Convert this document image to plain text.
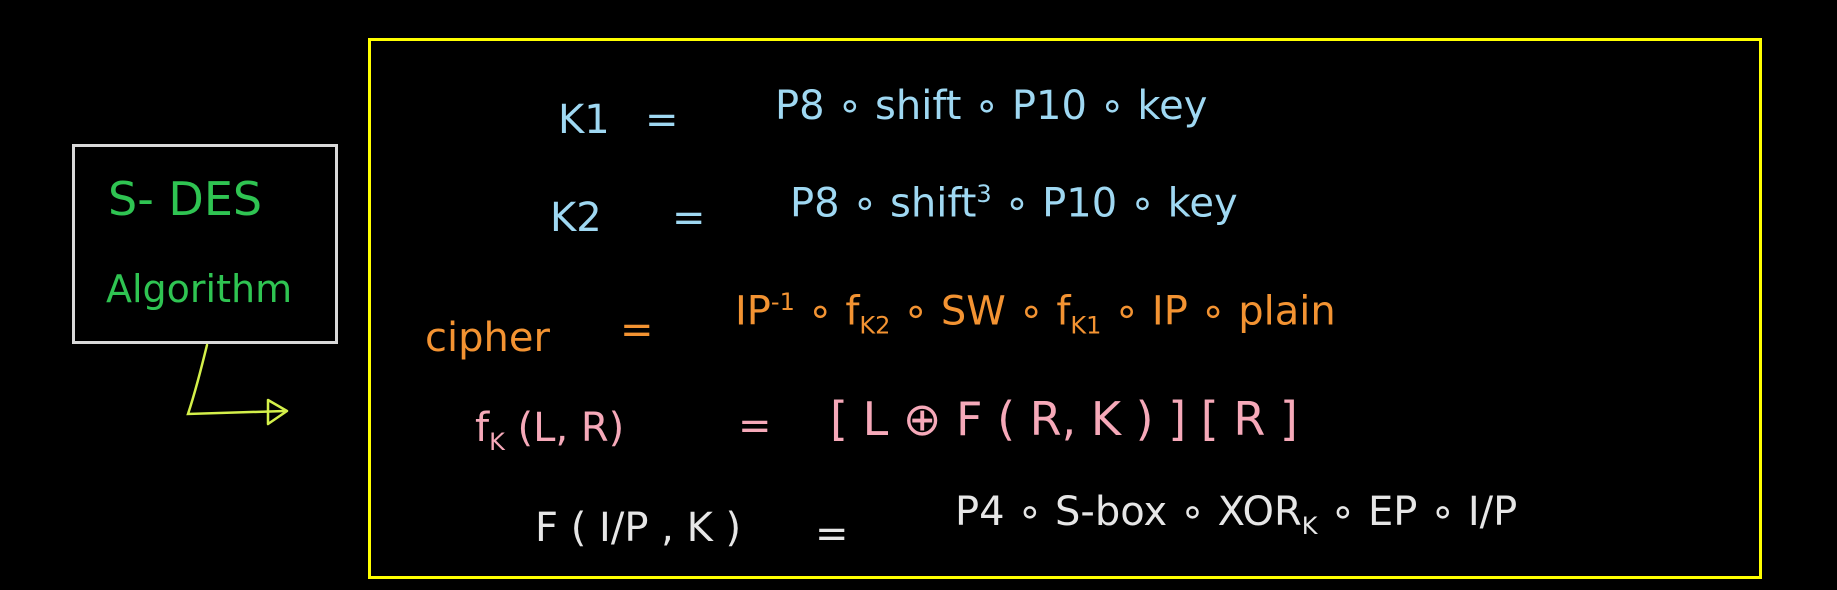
S- DES
Algorithm
K1 = P8 ∘ shift ∘ P10 ∘ key
K2 = P8 ∘ shift$^3$ ∘ P10 ∘ key
cipher = $IP^{-1}$ ∘ $f_{K2}$ ∘ SW ∘ $f_{K1}$ ∘ IP ∘ plain
$f_K$ (L, R)	= [ L ⊕ F ( R, K ) ] [ R ]
F ( I/P , K ) =	P4 ∘ S-box ∘ $XOR_K$ ∘ EP ∘ I/P
